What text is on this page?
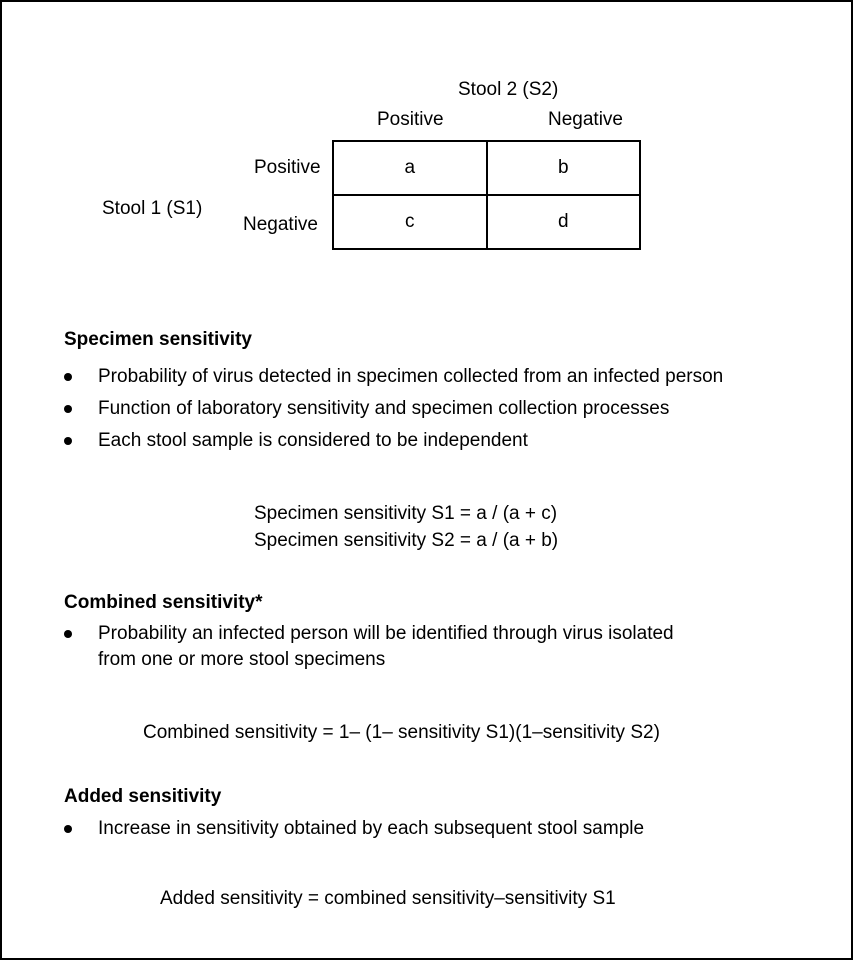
Stool 2 (S2)
Positive	Negative
Stool 1 (S1)
Positive
Negative
a	b
c	d
Specimen sensitivity
Probability of virus detected in specimen collected from an infected person
Function of laboratory sensitivity and specimen collection processes
Each stool sample is considered to be independent
Specimen sensitivity S1 = a / (a + c)
Specimen sensitivity S2 = a / (a + b)
Combined sensitivity*
Probability an infected person will be identified through virus isolated from one or more stool specimens
Combined sensitivity = 1– (1– sensitivity S1)(1–sensitivity S2)
Added sensitivity
Increase in sensitivity obtained by each subsequent stool sample
Added sensitivity = combined sensitivity–sensitivity S1
